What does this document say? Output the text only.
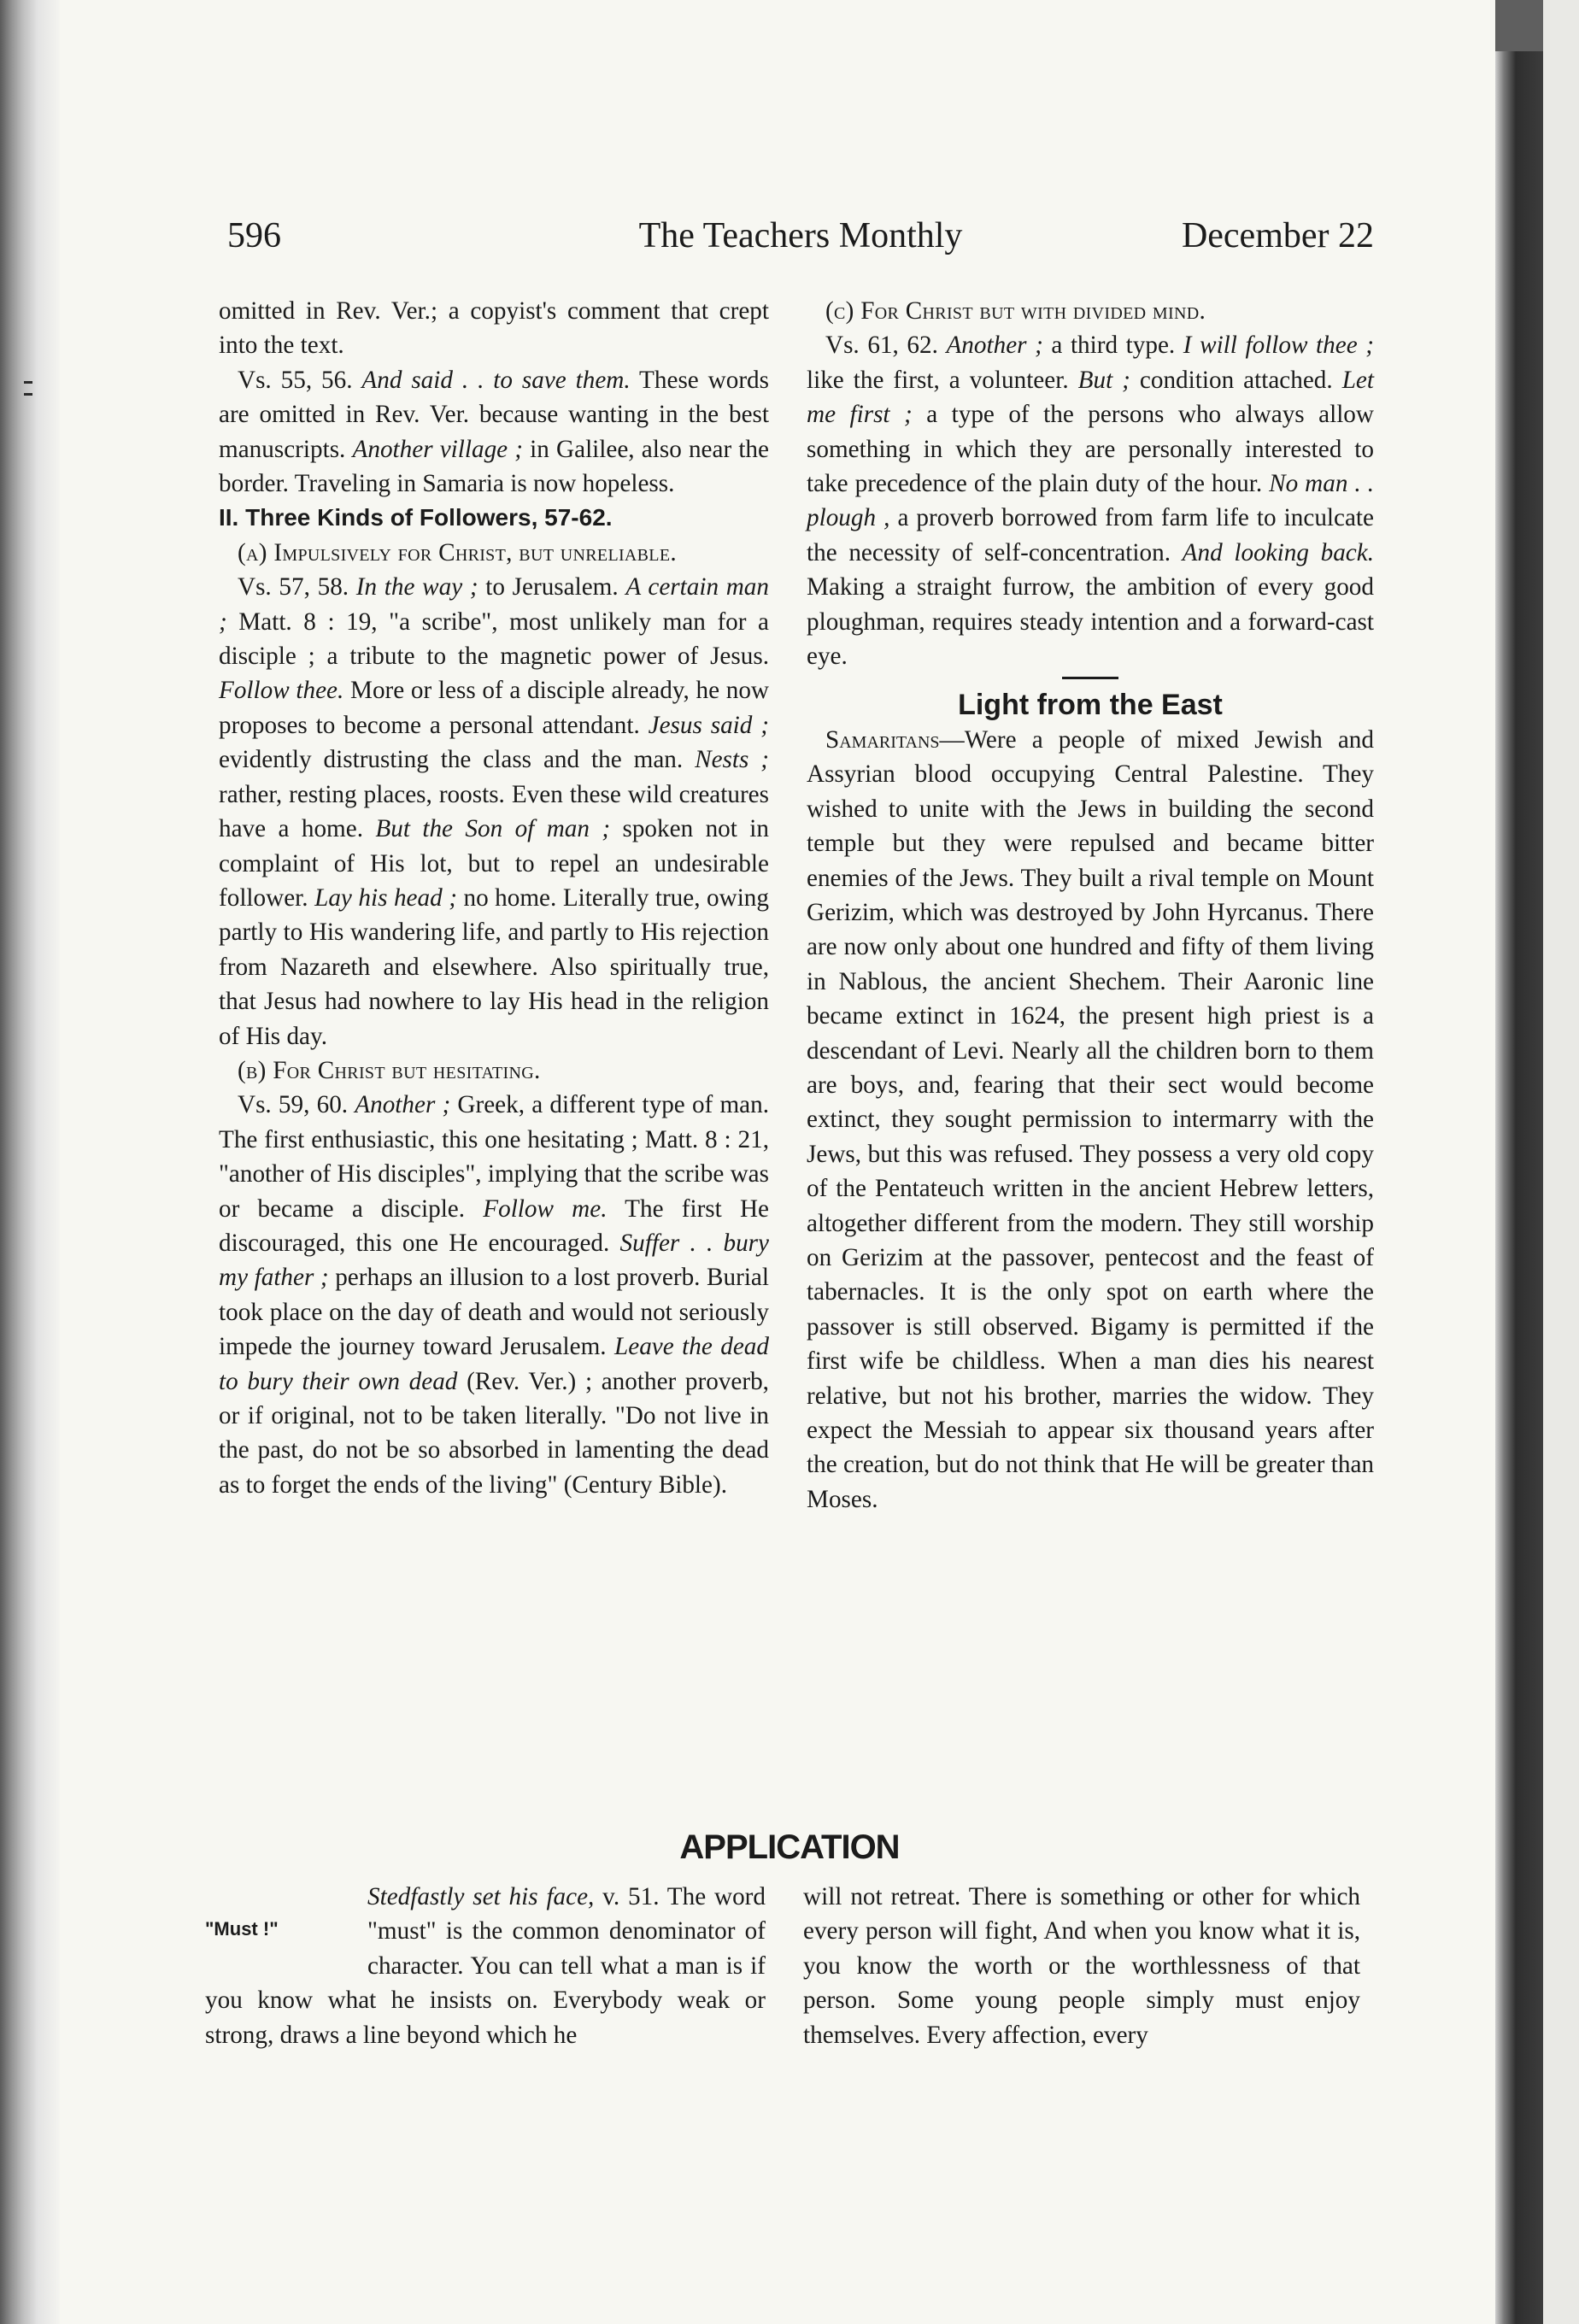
596	The Teachers Monthly	December 22

omitted in Rev. Ver.; a copyist's comment that crept into the text.

Vs. 55, 56. And said . . to save them. These words are omitted in Rev. Ver. because wanting in the best manuscripts. Another village ; in Galilee, also near the border. Traveling in Samaria is now hopeless.

II. Three Kinds of Followers, 57-62.

(a) Impulsively for Christ, but unreliable.

Vs. 57, 58. In the way ; to Jerusalem. A certain man ; Matt. 8 : 19, "a scribe", most unlikely man for a disciple ; a tribute to the magnetic power of Jesus. Follow thee. More or less of a disciple already, he now proposes to become a personal attendant. Jesus said ; evidently distrusting the class and the man. Nests ; rather, resting places, roosts. Even these wild creatures have a home. But the Son of man ; spoken not in complaint of His lot, but to repel an undesirable follower. Lay his head ; no home. Literally true, owing partly to His wandering life, and partly to His rejection from Nazareth and elsewhere. Also spiritually true, that Jesus had nowhere to lay His head in the religion of His day.

(b) For Christ but hesitating.

Vs. 59, 60. Another ; Greek, a different type of man. The first enthusiastic, this one hesitating ; Matt. 8 : 21, "another of His disciples", implying that the scribe was or became a disciple. Follow me. The first He discouraged, this one He encouraged. Suffer . . bury my father ; perhaps an illusion to a lost proverb. Burial took place on the day of death and would not seriously impede the journey toward Jerusalem. Leave the dead to bury their own dead (Rev. Ver.) ; another proverb, or if original, not to be taken literally. "Do not live in the past, do not be so absorbed in lamenting the dead as to forget the ends of the living" (Century Bible).

(c) For Christ but with divided mind.

Vs. 61, 62. Another ; a third type. I will follow thee ; like the first, a volunteer. But ; condition attached. Let me first ; a type of the persons who always allow something in which they are personally interested to take precedence of the plain duty of the hour. No man . . plough , a proverb borrowed from farm life to inculcate the necessity of self-concentration. And looking back. Making a straight furrow, the ambition of every good ploughman, requires steady intention and a forward-cast eye.

Light from the East

Samaritans—Were a people of mixed Jewish and Assyrian blood occupying Central Palestine. They wished to unite with the Jews in building the second temple but they were repulsed and became bitter enemies of the Jews. They built a rival temple on Mount Gerizim, which was destroyed by John Hyrcanus. There are now only about one hundred and fifty of them living in Nablous, the ancient Shechem. Their Aaronic line became extinct in 1624, the present high priest is a descendant of Levi. Nearly all the children born to them are boys, and, fearing that their sect would become extinct, they sought permission to intermarry with the Jews, but this was refused. They possess a very old copy of the Pentateuch written in the ancient Hebrew letters, altogether different from the modern. They still worship on Gerizim at the passover, pentecost and the feast of tabernacles. It is the only spot on earth where the passover is still observed. Bigamy is permitted if the first wife be childless. When a man dies his nearest relative, but not his brother, marries the widow. They expect the Messiah to appear six thousand years after the creation, but do not think that He will be greater than Moses.

APPLICATION

"Must !"
Stedfastly set his face, v. 51. The word "must" is the common denominator of character. You can tell what a man is if you know what he insists on. Everybody weak or strong, draws a line beyond which he

will not retreat. There is something or other for which every person will fight, And when you know what it is, you know the worth or the worthlessness of that person. Some young people simply must enjoy themselves. Every affection, every
